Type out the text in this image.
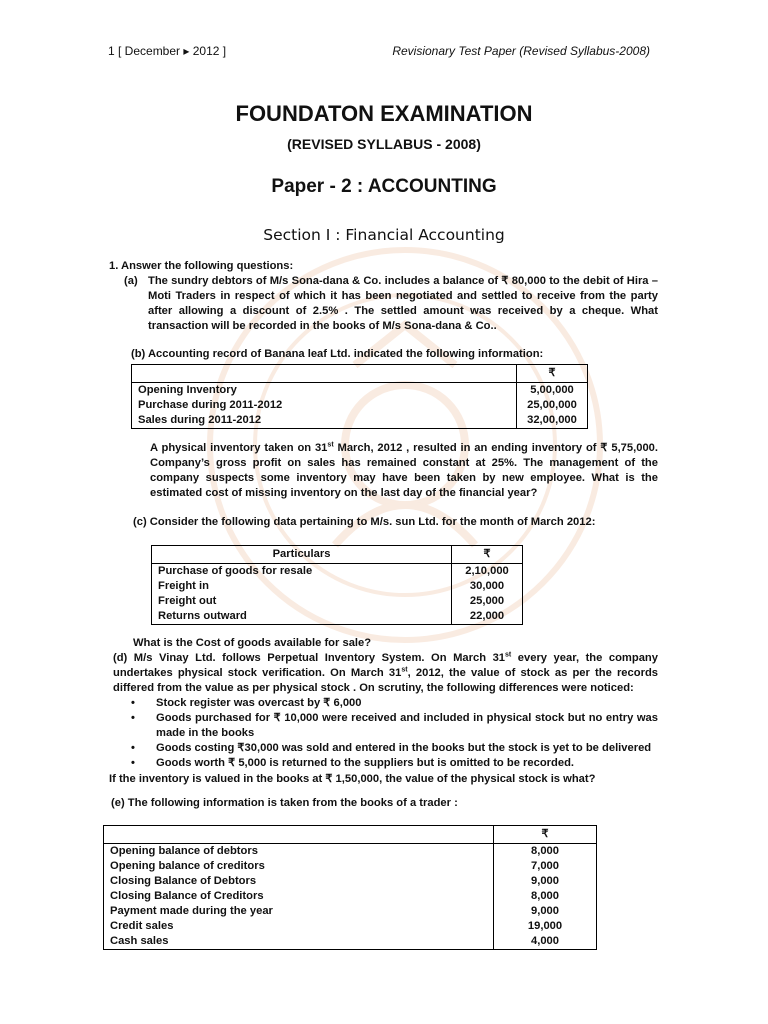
1 [ December ▸ 2012 ]	Revisionary Test Paper (Revised Syllabus-2008)
FOUNDATON EXAMINATION
(REVISED SYLLABUS - 2008)
Paper - 2 : ACCOUNTING
Section I : Financial Accounting
1. Answer the following questions:
(a) The sundry debtors of M/s Sona-dana & Co. includes a balance of ₹ 80,000 to the debit of Hira – Moti Traders in respect of which it has been negotiated and settled to receive from the party after allowing a discount of 2.5% . The settled amount was received by a cheque. What transaction will be recorded in the books of M/s Sona-dana & Co..
(b) Accounting record of Banana leaf Ltd. indicated the following information:
	₹
Opening Inventory	5,00,000
Purchase during 2011-2012	25,00,000
Sales during 2011-2012	32,00,000
A physical inventory taken on 31st March, 2012 , resulted in an ending inventory of ₹ 5,75,000. Company’s gross profit on sales has remained constant at 25%. The management of the company suspects some inventory may have been taken by new employee. What is the estimated cost of missing inventory on the last day of the financial year?
(c) Consider the following data pertaining to M/s. sun Ltd. for the month of March 2012:
Particulars	₹
Purchase of goods for resale	2,10,000
Freight in	30,000
Freight out	25,000
Returns outward	22,000
What is the Cost of goods available for sale?
(d) M/s Vinay Ltd. follows Perpetual Inventory System. On March 31st every year, the company undertakes physical stock verification. On March 31st, 2012, the value of stock as per the records differed from the value as per physical stock . On scrutiny, the following differences were noticed:
• Stock register was overcast by ₹ 6,000
• Goods purchased for ₹ 10,000 were received and included in physical stock but no entry was made in the books
• Goods costing ₹30,000 was sold and entered in the books but the stock is yet to be delivered
• Goods worth ₹ 5,000 is returned to the suppliers but is omitted to be recorded.
If the inventory is valued in the books at ₹ 1,50,000, the value of the physical stock is what?
(e) The following information is taken from the books of a trader :
	₹
Opening balance of debtors	8,000
Opening balance of creditors	7,000
Closing Balance of Debtors	9,000
Closing Balance of Creditors	8,000
Payment made during the year	9,000
Credit sales	19,000
Cash sales	4,000
